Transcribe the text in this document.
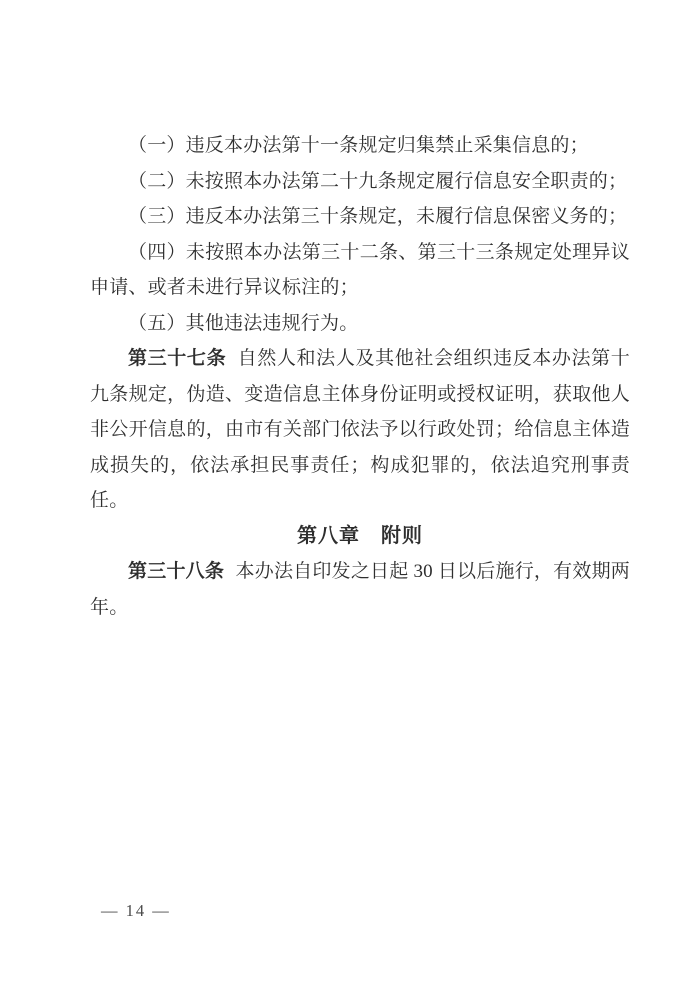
（一）违反本办法第十一条规定归集禁止采集信息的；

（二）未按照本办法第二十九条规定履行信息安全职责的；

（三）违反本办法第三十条规定，未履行信息保密义务的；

（四）未按照本办法第三十二条、第三十三条规定处理异议申请、或者未进行异议标注的；

（五）其他违法违规行为。

第三十七条 自然人和法人及其他社会组织违反本办法第十九条规定，伪造、变造信息主体身份证明或授权证明，获取他人非公开信息的，由市有关部门依法予以行政处罚；给信息主体造成损失的，依法承担民事责任；构成犯罪的，依法追究刑事责任。

第八章　附则

第三十八条 本办法自印发之日起 30 日以后施行，有效期两年。

— 14 —
